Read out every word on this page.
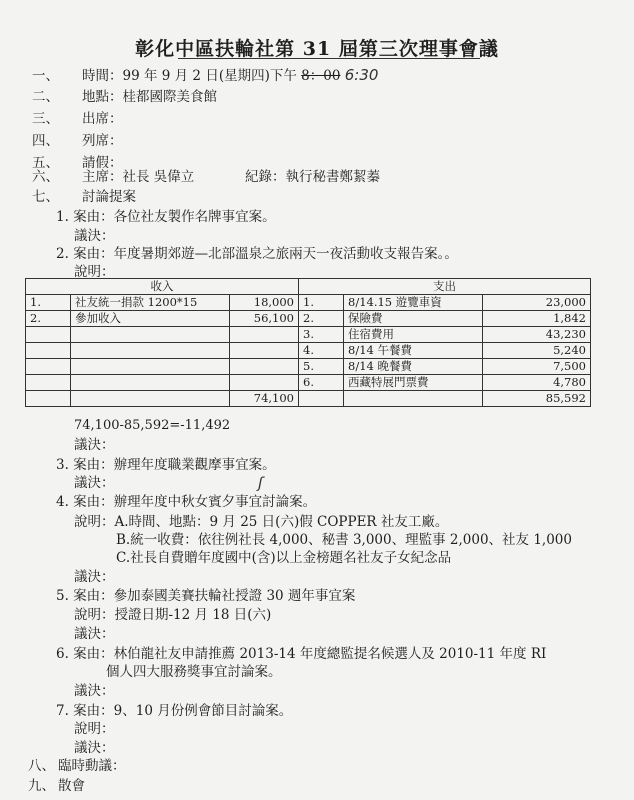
彰化中區扶輪社第 31 屆第三次理事會議
一、 時間：99 年 9 月 2 日(星期四)下午 8：00 6:30
二、 地點：桂都國際美食館
三、 出席：
四、 列席：
五、 請假：
六、 主席：社長 吳偉立	紀錄：執行秘書鄭絜蓁
七、 討論提案
1. 案由：各位社友製作名牌事宜案。
議決：
2. 案由：年度暑期郊遊—北部溫泉之旅兩天一夜活動收支報告案。。
說明：
收入			支出		
1.	社友統一捐款 1200*15	18,000	1.	8/14.15 遊覽車資	23,000
2.	參加收入	56,100	2.	保險費	1,842
			3.	住宿費用	43,230
			4.	8/14 午餐費	5,240
			5.	8/14 晚餐費	7,500
			6.	西藏特展門票費	4,780
		74,100			85,592
74,100-85,592=-11,492
議決：
3. 案由：辦理年度職業觀摩事宜案。
議決：	ʃ
4. 案由：辦理年度中秋女賓夕事宜討論案。
說明：A.時間、地點：9 月 25 日(六)假 COPPER 社友工廠。
B.統一收費：依往例社長 4,000、秘書 3,000、理監事 2,000、社友 1,000
C.社長自費贈年度國中(含)以上金榜題名社友子女紀念品
議決：
5. 案由：參加泰國美賽扶輪社授證 30 週年事宜案
說明：授證日期-12 月 18 日(六)
議決：
6. 案由：林伯龍社友申請推薦 2013-14 年度總監提名候選人及 2010-11 年度 RI
個人四大服務獎事宜討論案。
議決：
7. 案由：9、10 月份例會節目討論案。
說明：
議決：
八、 臨時動議：
九、 散會
